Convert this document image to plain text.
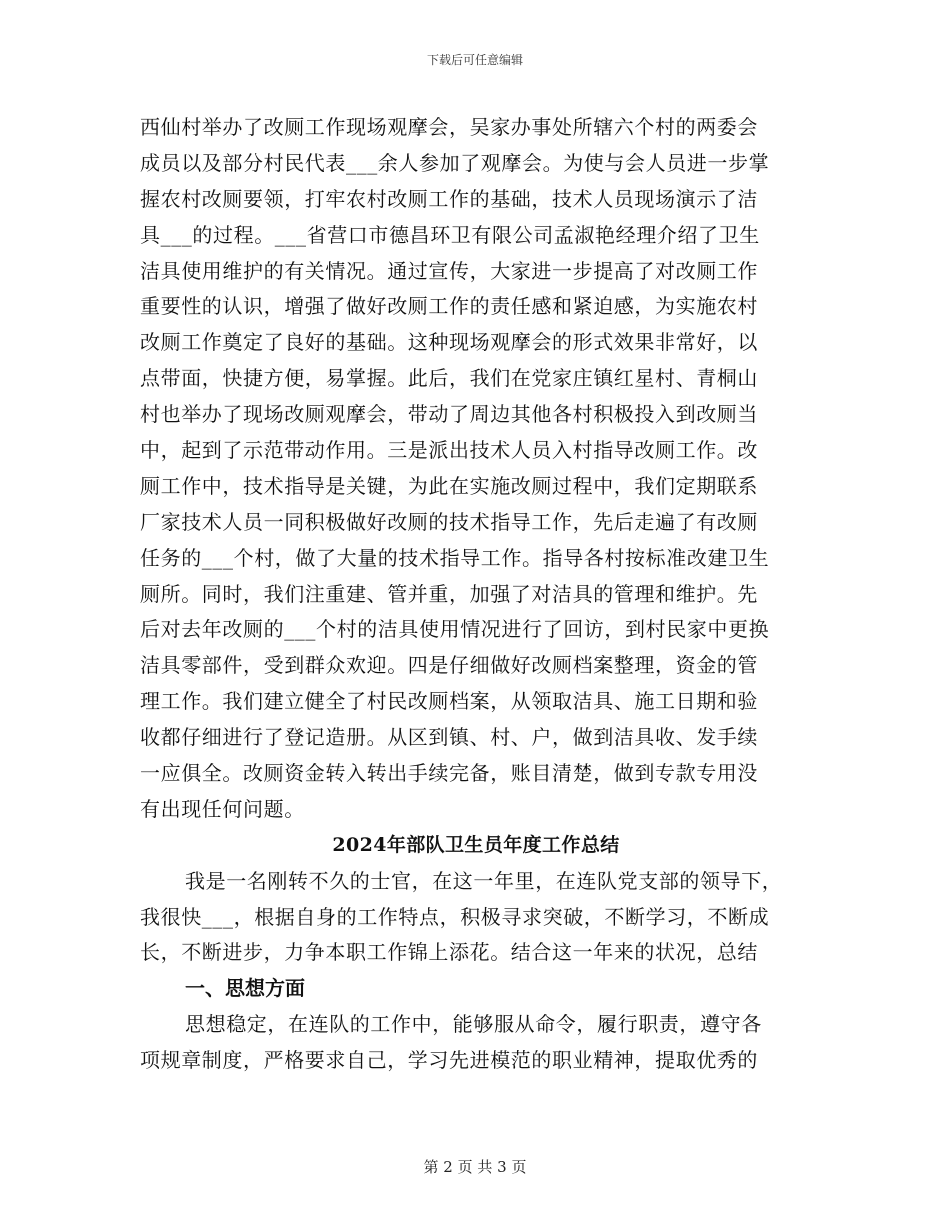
下载后可任意编辑
西仙村举办了改厕工作现场观摩会，吴家办事处所辖六个村的两委会
成员以及部分村民代表___余人参加了观摩会。为使与会人员进一步掌
握农村改厕要领，打牢农村改厕工作的基础，技术人员现场演示了洁
具___的过程。___省营口市德昌环卫有限公司孟淑艳经理介绍了卫生
洁具使用维护的有关情况。通过宣传，大家进一步提高了对改厕工作
重要性的认识，增强了做好改厕工作的责任感和紧迫感，为实施农村
改厕工作奠定了良好的基础。这种现场观摩会的形式效果非常好，以
点带面，快捷方便，易掌握。此后，我们在党家庄镇红星村、青桐山
村也举办了现场改厕观摩会，带动了周边其他各村积极投入到改厕当
中，起到了示范带动作用。三是派出技术人员入村指导改厕工作。改
厕工作中，技术指导是关键，为此在实施改厕过程中，我们定期联系
厂家技术人员一同积极做好改厕的技术指导工作，先后走遍了有改厕
任务的___个村，做了大量的技术指导工作。指导各村按标准改建卫生
厕所。同时，我们注重建、管并重，加强了对洁具的管理和维护。先
后对去年改厕的___个村的洁具使用情况进行了回访，到村民家中更换
洁具零部件，受到群众欢迎。四是仔细做好改厕档案整理，资金的管
理工作。我们建立健全了村民改厕档案，从领取洁具、施工日期和验
收都仔细进行了登记造册。从区到镇、村、户，做到洁具收、发手续
一应俱全。改厕资金转入转出手续完备，账目清楚，做到专款专用没
有出现任何问题。
2024年部队卫生员年度工作总结
我是一名刚转不久的士官，在这一年里，在连队党支部的领导下，
我很快___，根据自身的工作特点，积极寻求突破，不断学习，不断成
长，不断进步，力争本职工作锦上添花。结合这一年来的状况，总结
一、思想方面
思想稳定，在连队的工作中，能够服从命令，履行职责，遵守各
项规章制度，严格要求自己，学习先进模范的职业精神，提取优秀的
第 2 页 共 3 页
